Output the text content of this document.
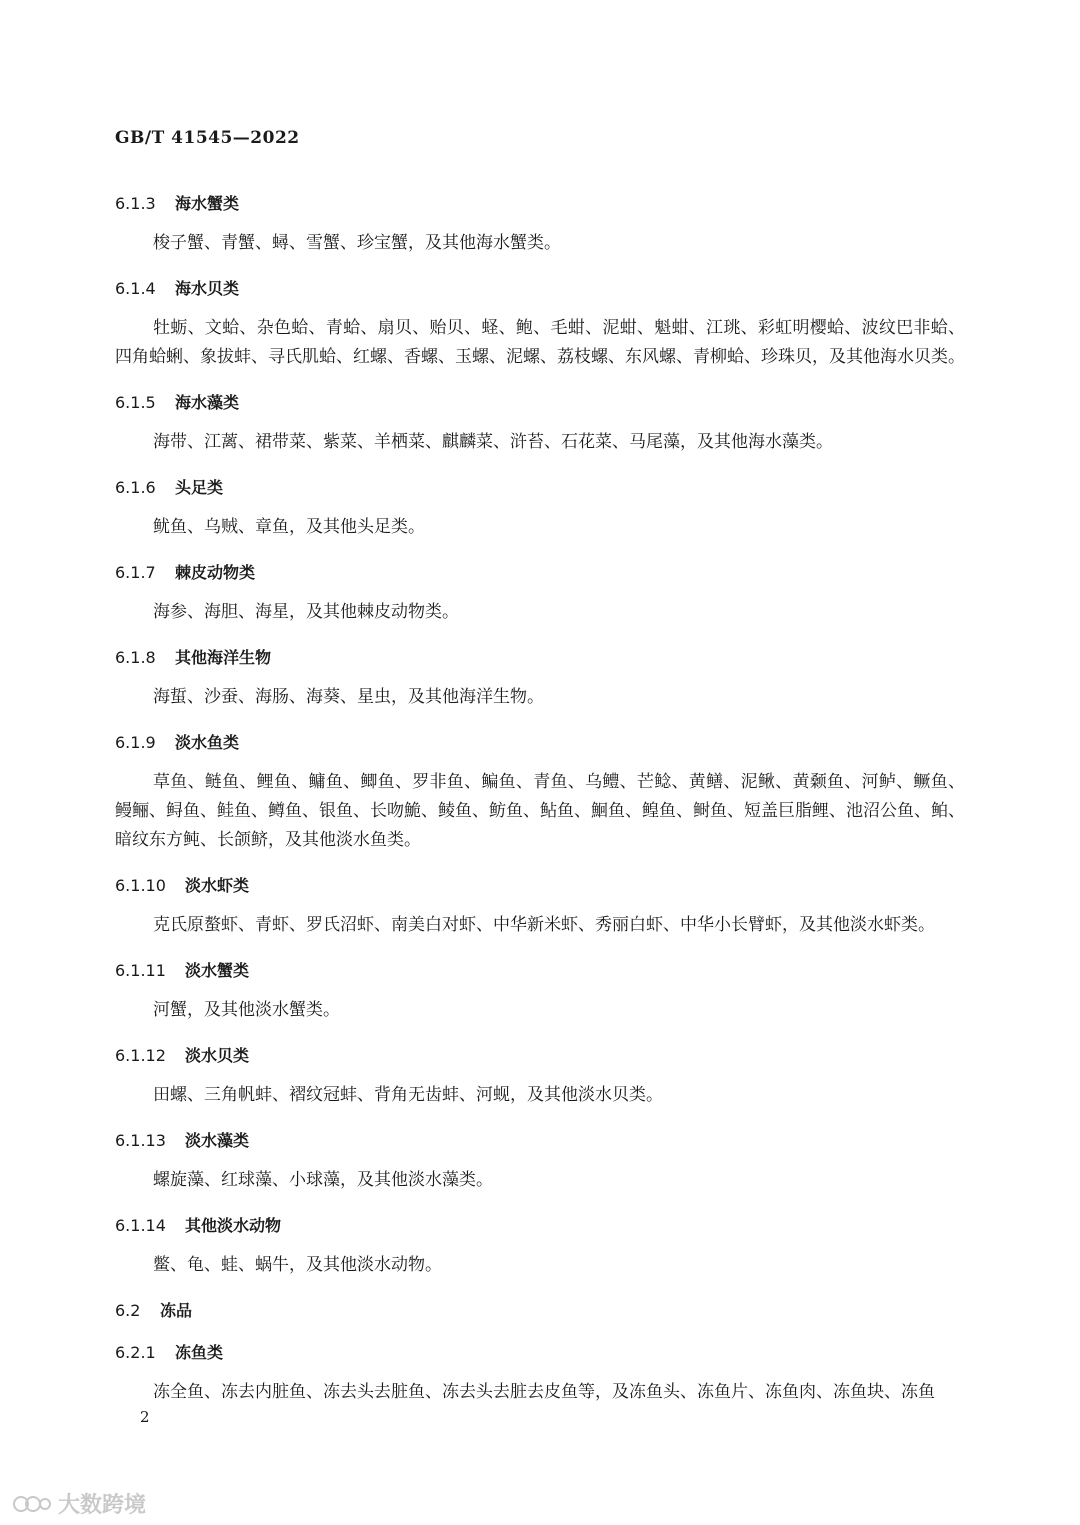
GB/T 41545—2022
6.1.3	海水蟹类

梭子蟹、青蟹、蟳、雪蟹、珍宝蟹，及其他海水蟹类。

6.1.4	海水贝类

牡蛎、文蛤、杂色蛤、青蛤、扇贝、贻贝、蛏、鲍、毛蚶、泥蚶、魁蚶、江珧、彩虹明樱蛤、波纹巴非蛤、四角蛤蜊、象拔蚌、寻氏肌蛤、红螺、香螺、玉螺、泥螺、荔枝螺、东风螺、青柳蛤、珍珠贝，及其他海水贝类。

6.1.5	海水藻类

海带、江蓠、裙带菜、紫菜、羊栖菜、麒麟菜、浒苔、石花菜、马尾藻，及其他海水藻类。

6.1.6	头足类

鱿鱼、乌贼、章鱼，及其他头足类。

6.1.7	棘皮动物类

海参、海胆、海星，及其他棘皮动物类。

6.1.8	其他海洋生物

海蜇、沙蚕、海肠、海葵、星虫，及其他海洋生物。

6.1.9	淡水鱼类

草鱼、鲢鱼、鲤鱼、鳙鱼、鲫鱼、罗非鱼、鳊鱼、青鱼、乌鳢、芒鲶、黄鳝、泥鳅、黄颡鱼、河鲈、鳜鱼、鳗鲡、鲟鱼、鲑鱼、鳟鱼、银鱼、长吻鮠、鲮鱼、鲂鱼、鲇鱼、鮰鱼、鳇鱼、鲥鱼、短盖巨脂鲤、池沼公鱼、鲌、暗纹东方鲀、长颌鲚，及其他淡水鱼类。

6.1.10	淡水虾类

克氏原螯虾、青虾、罗氏沼虾、南美白对虾、中华新米虾、秀丽白虾、中华小长臂虾，及其他淡水虾类。

6.1.11	淡水蟹类

河蟹，及其他淡水蟹类。

6.1.12	淡水贝类

田螺、三角帆蚌、褶纹冠蚌、背角无齿蚌、河蚬，及其他淡水贝类。

6.1.13	淡水藻类

螺旋藻、红球藻、小球藻，及其他淡水藻类。

6.1.14	其他淡水动物

鳖、龟、蛙、蜗牛，及其他淡水动物。

6.2	冻品
6.2.1	冻鱼类

冻全鱼、冻去内脏鱼、冻去头去脏鱼、冻去头去脏去皮鱼等，及冻鱼头、冻鱼片、冻鱼肉、冻鱼块、冻鱼

2
大数跨境
